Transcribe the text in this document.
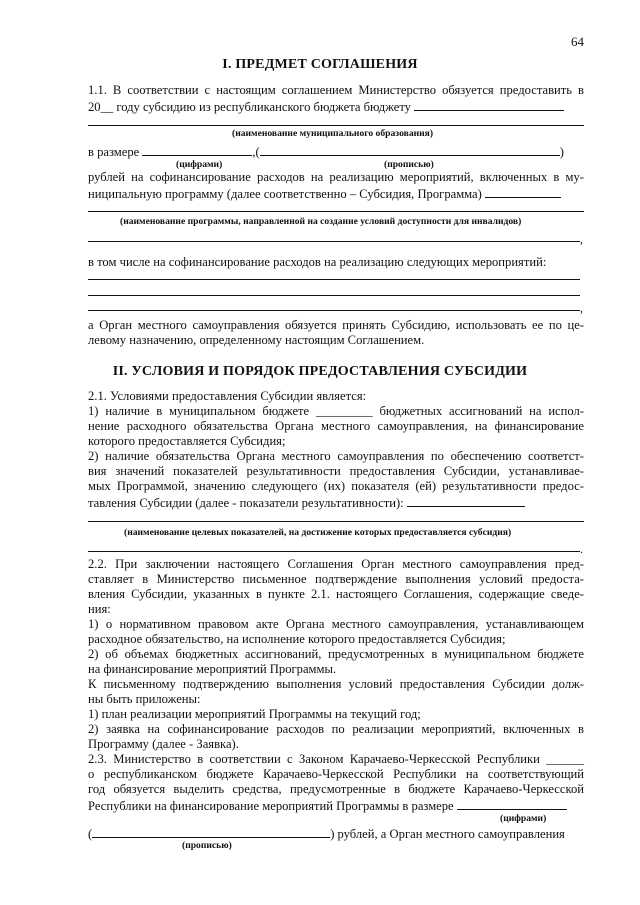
64
I. ПРЕДМЕТ СОГЛАШЕНИЯ
1.1. В соответствии с настоящим соглашением Министерство обязуется предоставить в
20__ году субсидию из республиканского бюджета бюджету
(наименование муниципального образования)
в размере	,(	)
(цифрами)	(прописью)
рублей на софинансирование расходов на реализацию мероприятий, включенных в му-
ниципальную программу (далее соответственно – Субсидия, Программа)
(наименование программы, направленной на создание условий доступности для инвалидов)
,
в том числе на софинансирование расходов на реализацию следующих мероприятий:
,
а Орган местного самоуправления обязуется принять Субсидию, использовать ее по це-
левому назначению, определенному настоящим Соглашением.
II. УСЛОВИЯ И ПОРЯДОК ПРЕДОСТАВЛЕНИЯ СУБСИДИИ
2.1. Условиями предоставления Субсидии является:
1) наличие в муниципальном бюджете _________ бюджетных ассигнований на испол-
нение расходного обязательства Органа местного самоуправления, на финансирование
которого предоставляется Субсидия;
2) наличие обязательства Органа местного самоуправления по обеспечению соответст-
вия значений показателей результативности предоставления Субсидии, устанавливае-
мых Программой, значению следующего (их) показателя (ей) результативности предос-
тавления Субсидии (далее - показатели результативности):
(наименование целевых показателей, на достижение которых предоставляется субсидия)
.
2.2. При заключении настоящего Соглашения Орган местного самоуправления пред-
ставляет в Министерство письменное подтверждение выполнения условий предоста-
вления Субсидии, указанных в пункте 2.1. настоящего Соглашения, содержащие сведе-
ния:
1) о нормативном правовом акте Органа местного самоуправления, устанавливающем
расходное обязательство, на исполнение которого предоставляется Субсидия;
2) об объемах бюджетных ассигнований, предусмотренных в муниципальном бюджете
на финансирование мероприятий Программы.
К письменному подтверждению выполнения условий предоставления Субсидии долж-
ны быть приложены:
1) план реализации мероприятий Программы на текущий год;
2) заявка на софинансирование расходов по реализации мероприятий, включенных в
Программу (далее - Заявка).
2.3. Министерство в соответствии с Законом Карачаево-Черкесской Республики ______
о республиканском бюджете Карачаево-Черкесской Республики на соответствующий
год обязуется выделить средства, предусмотренные в бюджете Карачаево-Черкесской
Республики на финансирование мероприятий Программы в размере
(цифрами)
(	) рублей, а Орган местного самоуправления
(прописью)
